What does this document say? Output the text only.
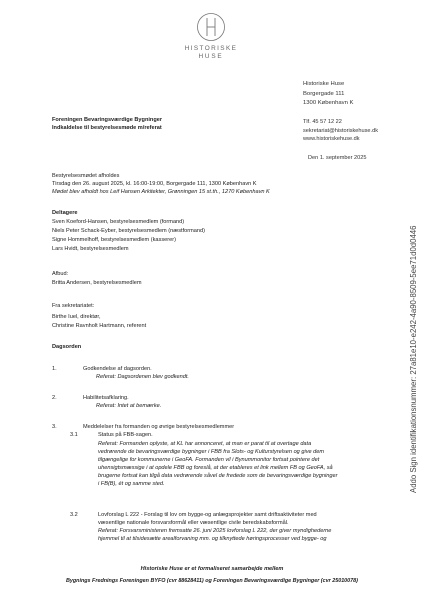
HISTORISKE
HUSE
Historiske Huse
Borgergade 111
1300 København K
Tlf. 45 57 12 22
sekretariat@historiskehuse.dk
www.historiskehuse.dk
Den 1. september 2025
Foreningen Bevaringsværdige Bygninger
Indkaldelse til bestyrelsesmøde m/referat
Addo Sign identifikationsnummer: 27a81e10-e242-4a90-8509-5ee71d0d0446
Bestyrelsesmødet afholdes
Tirsdag den 26. august 2025, kl. 16:00-19:00, Borgergade 111, 1300 København K
Mødet blev afholdt hos Leif Hansen Arkitekter, Grønningen 15 st.th., 1270 København K
Deltagere
Sven Koeford-Hansen, bestyrelsesmedlem (formand)
Niels Peter Schack-Eyber, bestyrelsesmedlem (næstformand)
Signe Hommelhoff, bestyrelsesmedlem (kasserer)
Lars Hvidt, bestyrelsesmedlem
Afbud:
Britta Andersen, bestyrelsesmedlem
Fra sekretariatet:
Birthe Iuel, direktør,
Christine Ravnholt Hartmann, referent
Dagsorden
1.	Godkendelse af dagsorden.
Referat: Dagsordenen blev godkendt.
2.	Habilitetsafklaring.
Referat: Intet at bemærke.
3.	Meddelelser fra formanden og øvrige bestyrelsesmedlemmer
3.1	Status på FBB-sagen.
Referat: Formanden oplyste, at KL har annonceret, at man er parat til at overtage data
vedrørende de bevaringsværdige bygninger i FBB fra Slots- og Kulturstyrelsen og give dem
tilgængelige for kommunerne i GeoFA. Formanden vil i Bynummonitor fortsat pointere det
uhensigtsmæssige i at opdele FBB og foreslå, at der etableres et link mellem FB og GeoFA, så
brugerne fortsat kan tilgå data vedrørende såvel de fredede som de bevaringsværdige bygninger
i FB(B), ét og samme sted.
3.2	Lovforslag L 222 - Forslag til lov om bygge-og anlægsprojekter samt driftsaktiviteter med
væsentlige nationale forsvarsformål eller væsentlige civile beredskabsformål.
Referat: Forsvarsministeren fremsatte 26. juni 2025 lovforslag L 222, der giver myndighederne
hjemmel til at tilsidesætte arealforvaning mm. og tilknyttede høringsprocesser ved bygge- og
Historiske Huse er et formaliseret samarbejde mellem
Bygnings Frednings Foreningen BYFO (cvr 88628411) og Foreningen Bevaringsværdige Bygninger (cvr 25010078)
